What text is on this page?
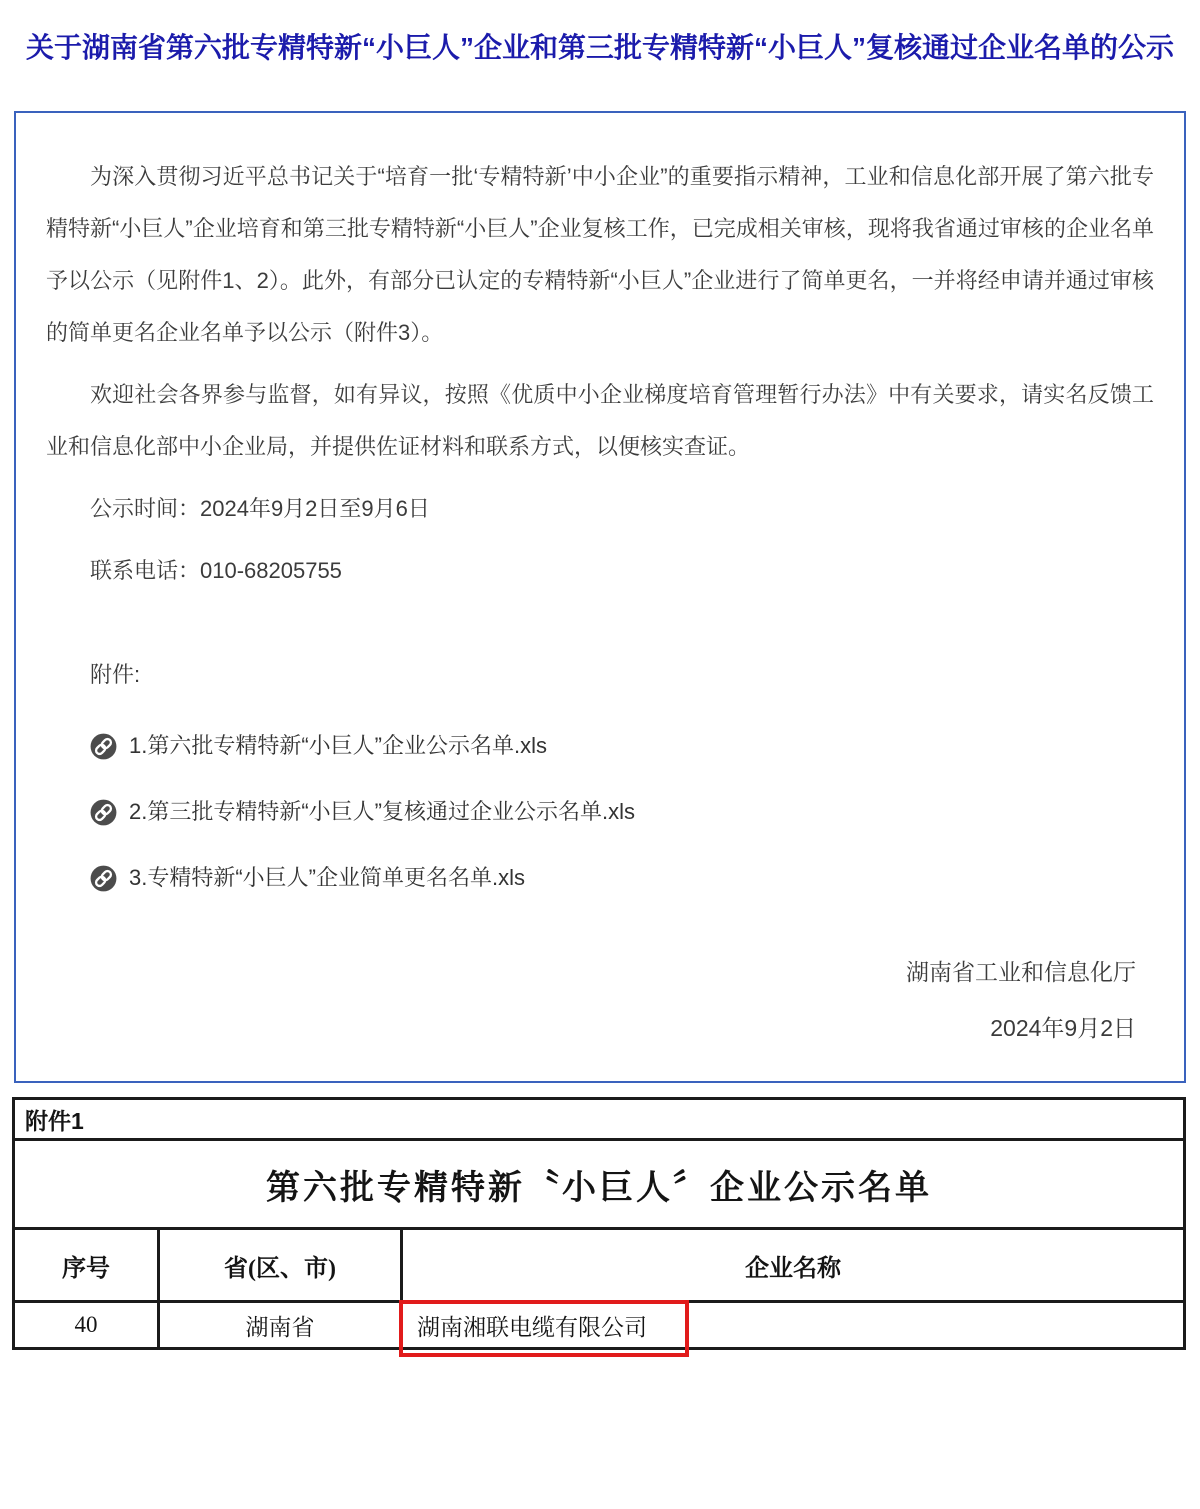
关于湖南省第六批专精特新“小巨人”企业和第三批专精特新“小巨人”复核通过企业名单的公示

为深入贯彻习近平总书记关于“培育一批‘专精特新’中小企业”的重要指示精神，工业和信息化部开展了第六批专精特新“小巨人”企业培育和第三批专精特新“小巨人”企业复核工作，已完成相关审核，现将我省通过审核的企业名单予以公示（见附件1、2）。此外，有部分已认定的专精特新“小巨人”企业进行了简单更名，一并将经申请并通过审核的简单更名企业名单予以公示（附件3）。

欢迎社会各界参与监督，如有异议，按照《优质中小企业梯度培育管理暂行办法》中有关要求，请实名反馈工业和信息化部中小企业局，并提供佐证材料和联系方式，以便核实查证。

公示时间：2024年9月2日至9月6日

联系电话：010-68205755

附件:

1.第六批专精特新“小巨人”企业公示名单.xls
2.第三批专精特新“小巨人”复核通过企业公示名单.xls
3.专精特新“小巨人”企业简单更名名单.xls

湖南省工业和信息化厅

2024年9月2日

附件1		
第六批专精特新〝小巨人〞企业公示名单		
序号	省(区、市)	企业名称
40	湖南省	湖南湘联电缆有限公司
